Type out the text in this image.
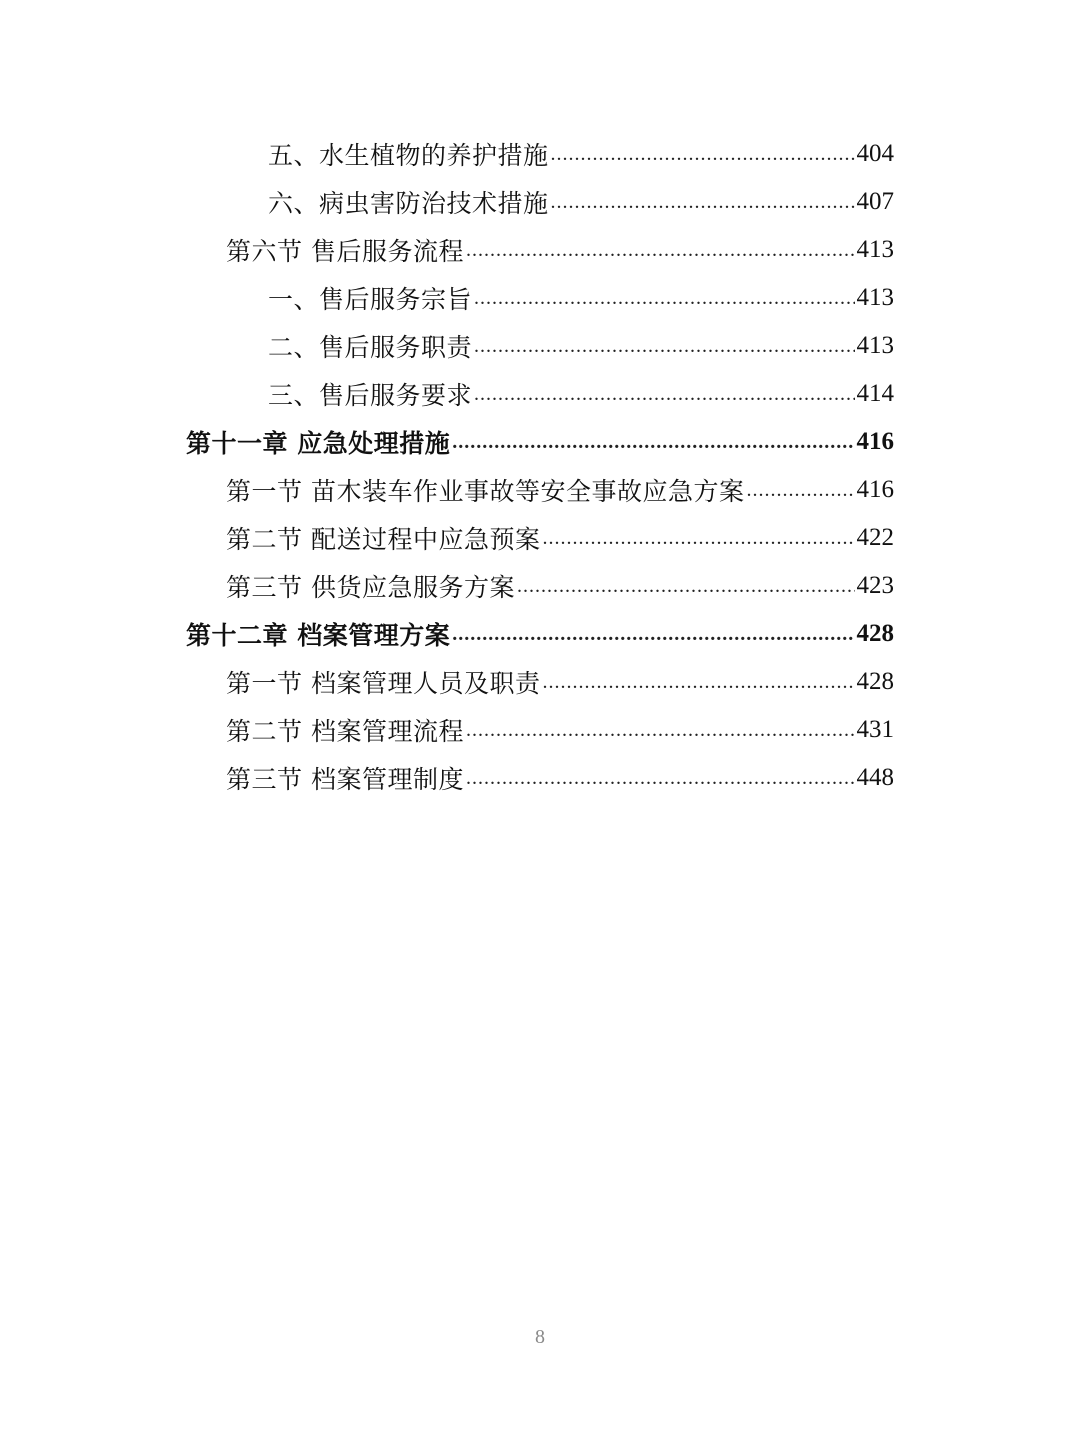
五、水生植物的养护措施 .....	404
六、病虫害防治技术措施 .....	407
第六节 售后服务流程 .....	413
一、售后服务宗旨 .....	413
二、售后服务职责 .....	413
三、售后服务要求 .....	414
第十一章 应急处理措施 .....	416
第一节 苗木装车作业事故等安全事故应急方案 .....	416
第二节 配送过程中应急预案 .....	422
第三节 供货应急服务方案 .....	423
第十二章 档案管理方案 .....	428
第一节 档案管理人员及职责 .....	428
第二节 档案管理流程 .....	431
第三节 档案管理制度 .....	448
8
